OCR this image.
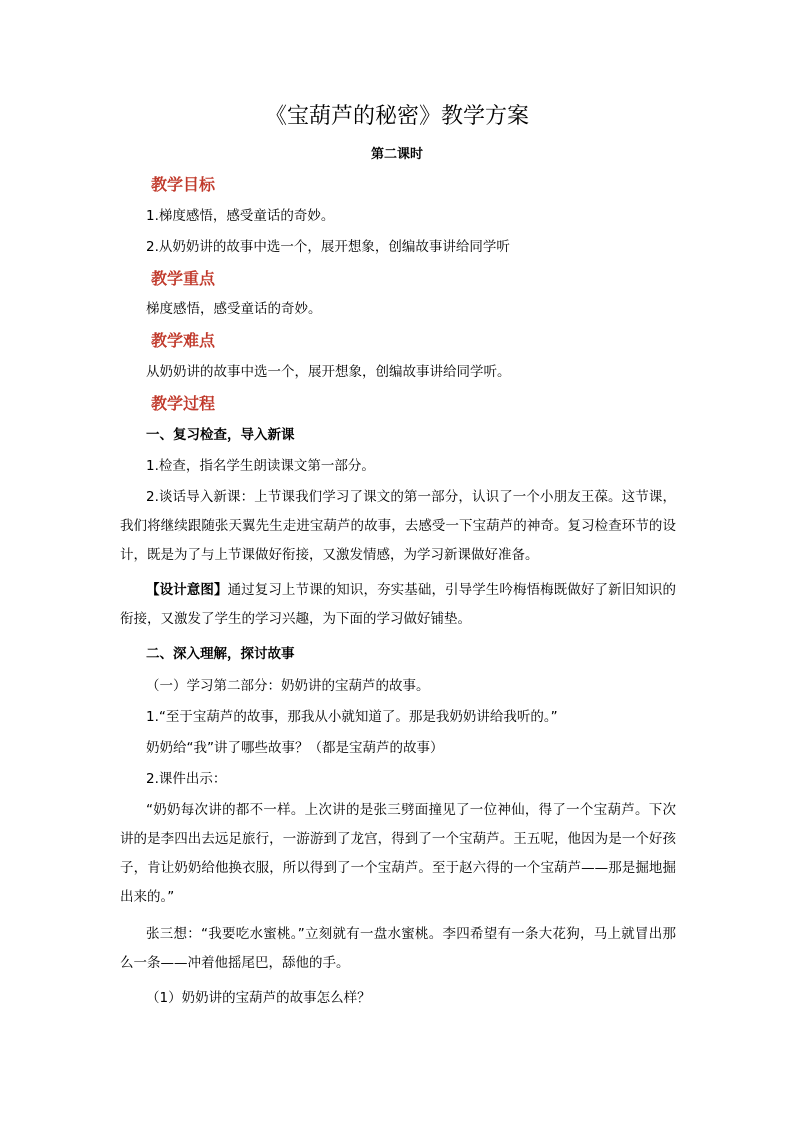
《宝葫芦的秘密》教学方案
第二课时
教学目标
1.梯度感悟，感受童话的奇妙。
2.从奶奶讲的故事中选一个，展开想象，创编故事讲给同学听
教学重点
梯度感悟，感受童话的奇妙。
教学难点
从奶奶讲的故事中选一个，展开想象，创编故事讲给同学听。
教学过程
一、复习检查，导入新课
1.检查，指名学生朗读课文第一部分。
2.谈话导入新课：上节课我们学习了课文的第一部分，认识了一个小朋友王葆。这节课，我们将继续跟随张天翼先生走进宝葫芦的故事，去感受一下宝葫芦的神奇。复习检查环节的设计，既是为了与上节课做好衔接，又激发情感，为学习新课做好准备。
【设计意图】通过复习上节课的知识，夯实基础，引导学生吟梅悟梅既做好了新旧知识的衔接，又激发了学生的学习兴趣，为下面的学习做好铺垫。
二、深入理解，探讨故事
（一）学习第二部分：奶奶讲的宝葫芦的故事。
1.“至于宝葫芦的故事，那我从小就知道了。那是我奶奶讲给我听的。”
奶奶给“我”讲了哪些故事？（都是宝葫芦的故事）
2.课件出示：
“奶奶每次讲的都不一样。上次讲的是张三劈面撞见了一位神仙，得了一个宝葫芦。下次讲的是李四出去远足旅行，一游游到了龙宫，得到了一个宝葫芦。王五呢，他因为是一个好孩子，肯让奶奶给他换衣服，所以得到了一个宝葫芦。至于赵六得的一个宝葫芦——那是掘地掘出来的。”
张三想：“我要吃水蜜桃。”立刻就有一盘水蜜桃。李四希望有一条大花狗，马上就冒出那么一条——冲着他摇尾巴，舔他的手。
（1）奶奶讲的宝葫芦的故事怎么样？
